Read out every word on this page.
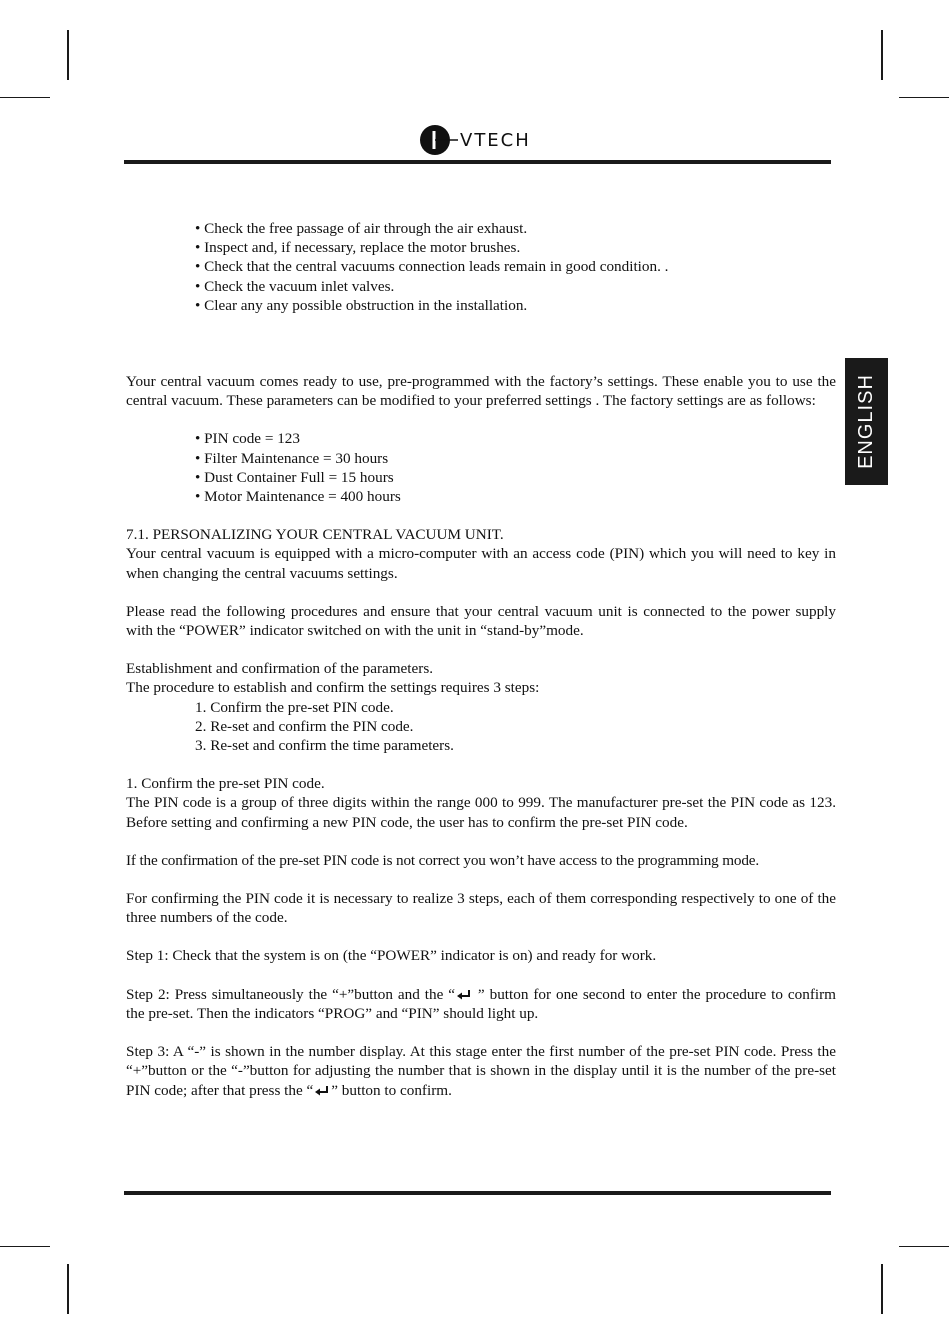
VTECH
ENGLISH

• Check the free passage of air through the air exhaust.

• Inspect and, if necessary, replace the motor brushes.

• Check that the central vacuums connection leads remain in good condition. .

• Check the vacuum inlet valves.

• Clear any any possible obstruction in the installation.

Your central vacuum comes ready to use, pre-programmed with the factory’s settings. These enable you to use the central vacuum. These parameters can be modified to your preferred settings . The factory settings are as follows:

• PIN code = 123

• Filter Maintenance = 30 hours

• Dust Container Full = 15 hours

• Motor Maintenance = 400 hours

7.1. PERSONALIZING YOUR CENTRAL VACUUM UNIT.

Your central vacuum is equipped with a micro-computer with an access code (PIN) which you will need to key in when changing the central vacuums settings.

Please read the following procedures and ensure that your central vacuum unit is connected to the power supply with the “POWER” indicator switched on with the unit in “stand-by”mode.

Establishment and confirmation of the parameters.

The procedure to establish and confirm the settings requires 3 steps:

1. Confirm the pre-set PIN code.

2. Re-set and confirm the PIN code.

3. Re-set and confirm the time parameters.

1. Confirm the pre-set PIN code.

The PIN code is a group of three digits within the range 000 to 999. The manufacturer pre-set the PIN code as 123. Before setting and confirming a new PIN code, the user has to confirm the pre-set PIN code.

If the confirmation of the pre-set PIN code is not correct you won’t have access to the programming mode.

For confirming the PIN code it is necessary to realize 3 steps, each of them corresponding respectively to one of the three numbers of the code.

Step 1: Check that the system is on (the “POWER” indicator is on) and ready for work.

Step 2: Press simultaneously the “+”button and the “ ” button for one second to enter the procedure to confirm the pre-set. Then the indicators “PROG” and “PIN” should light up.

Step 3: A “-” is shown in the number display. At this stage enter the first number of the pre-set PIN code. Press the “+”button or the “-”button for adjusting the number that is shown in the display until it is the number of the pre-set PIN code; after that press the “ ” button to confirm.
